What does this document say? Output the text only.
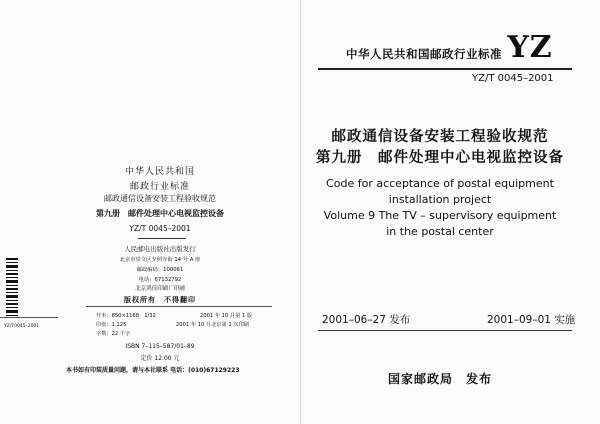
YZ
中华人民共和国邮政行业标准
YZ/T 0045–2001
邮政通信设备安装工程验收规范
第九册　邮件处理中心电视监控设备
Code for acceptance of postal equipment
installation project
Volume 9 The TV – supervisory equipment
in the postal center
2001–06–27 发布	2001–09–01 实施
国家邮政局　发布
中华人民共和国
邮政行业标准
邮政通信设备安装工程验收规范
第九册　邮件处理中心电视监控设备
YZ/T 0045–2001
人民邮电出版社出版发行
北京市崇文区夕照寺街 14 号 A 座
邮政编码：100061
电话：67132792
北京鸿佳印刷厂印刷
版权所有　不得翻印
开本：850×1168　1/32	2001 年 10 月第 1 版
印张：1.125	2001 年 10 月北京第 1 次印刷
字数：22 千字
ISBN 7–115–587/01–89
定价 12.00 元
本书如有印装质量问题，请与本社联系 电话：(010)67129223
YZ/T0045–2001
